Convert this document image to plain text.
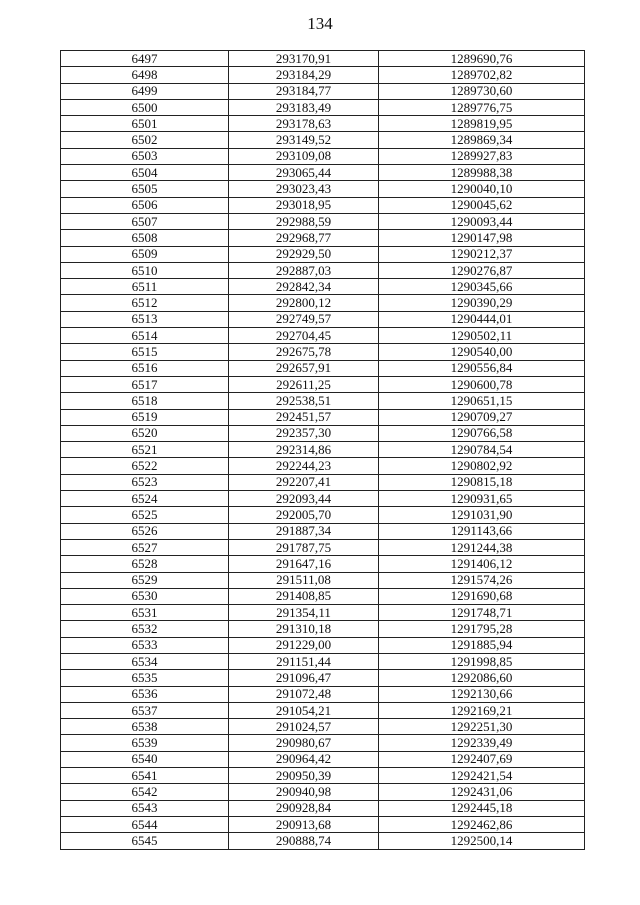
134
6497	293170,91	1289690,76
6498	293184,29	1289702,82
6499	293184,77	1289730,60
6500	293183,49	1289776,75
6501	293178,63	1289819,95
6502	293149,52	1289869,34
6503	293109,08	1289927,83
6504	293065,44	1289988,38
6505	293023,43	1290040,10
6506	293018,95	1290045,62
6507	292988,59	1290093,44
6508	292968,77	1290147,98
6509	292929,50	1290212,37
6510	292887,03	1290276,87
6511	292842,34	1290345,66
6512	292800,12	1290390,29
6513	292749,57	1290444,01
6514	292704,45	1290502,11
6515	292675,78	1290540,00
6516	292657,91	1290556,84
6517	292611,25	1290600,78
6518	292538,51	1290651,15
6519	292451,57	1290709,27
6520	292357,30	1290766,58
6521	292314,86	1290784,54
6522	292244,23	1290802,92
6523	292207,41	1290815,18
6524	292093,44	1290931,65
6525	292005,70	1291031,90
6526	291887,34	1291143,66
6527	291787,75	1291244,38
6528	291647,16	1291406,12
6529	291511,08	1291574,26
6530	291408,85	1291690,68
6531	291354,11	1291748,71
6532	291310,18	1291795,28
6533	291229,00	1291885,94
6534	291151,44	1291998,85
6535	291096,47	1292086,60
6536	291072,48	1292130,66
6537	291054,21	1292169,21
6538	291024,57	1292251,30
6539	290980,67	1292339,49
6540	290964,42	1292407,69
6541	290950,39	1292421,54
6542	290940,98	1292431,06
6543	290928,84	1292445,18
6544	290913,68	1292462,86
6545	290888,74	1292500,14
